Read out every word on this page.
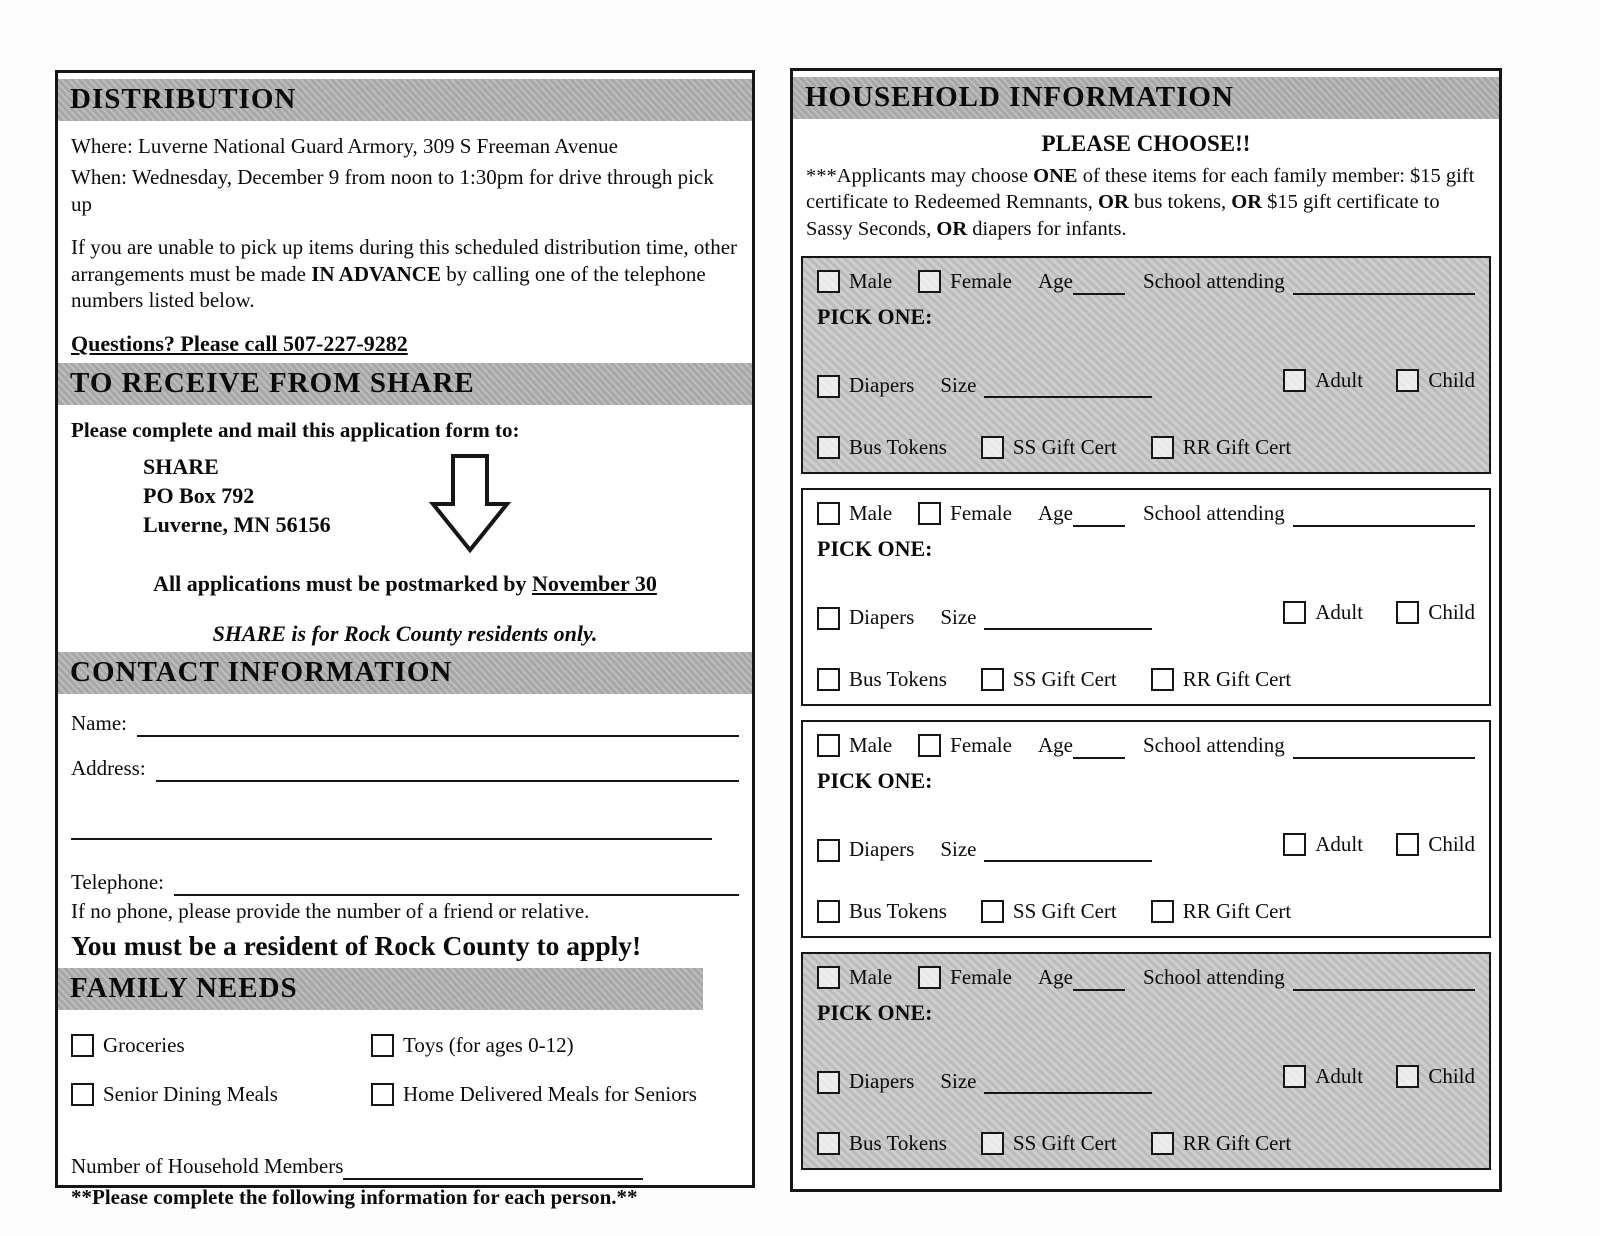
DISTRIBUTION

Where: Luverne National Guard Armory, 309 S Freeman Avenue

When: Wednesday, December 9 from noon to 1:30pm for drive through pick up

If you are unable to pick up items during this scheduled distribution time, other arrangements must be made IN ADVANCE by calling one of the telephone numbers listed below.

Questions? Please call 507-227-9282

TO RECEIVE FROM SHARE

Please complete and mail this application form to:

SHARE
PO Box 792
Luverne, MN 56156

All applications must be postmarked by November 30

SHARE is for Rock County residents only.

CONTACT INFORMATION
Name:
Address:
Telephone:

If no phone, please provide the number of a friend or relative.

You must be a resident of Rock County to apply!

FAMILY NEEDS
Groceries	Toys (for ages 0-12)
Senior Dining Meals	Home Delivered Meals for Seniors
Number of Household Members

**Please complete the following information for each person.**

HOUSEHOLD INFORMATION

PLEASE CHOOSE!!

***Applicants may choose ONE of these items for each family member: $15 gift certificate to Redeemed Remnants, OR bus tokens, OR $15 gift certificate to Sassy Seconds, OR diapers for infants.

Male	Female Age	School attending
PICK ONE:
Diapers Size	Adult
	Child
Bus Tokens	SS Gift Cert	RR Gift Cert
Male	Female Age	School attending
PICK ONE:
Diapers Size	Adult
	Child
Bus Tokens	SS Gift Cert	RR Gift Cert
Male	Female Age	School attending
PICK ONE:
Diapers Size	Adult
	Child
Bus Tokens	SS Gift Cert	RR Gift Cert
Male	Female Age	School attending
PICK ONE:
Diapers Size	Adult
	Child
Bus Tokens	SS Gift Cert	RR Gift Cert
